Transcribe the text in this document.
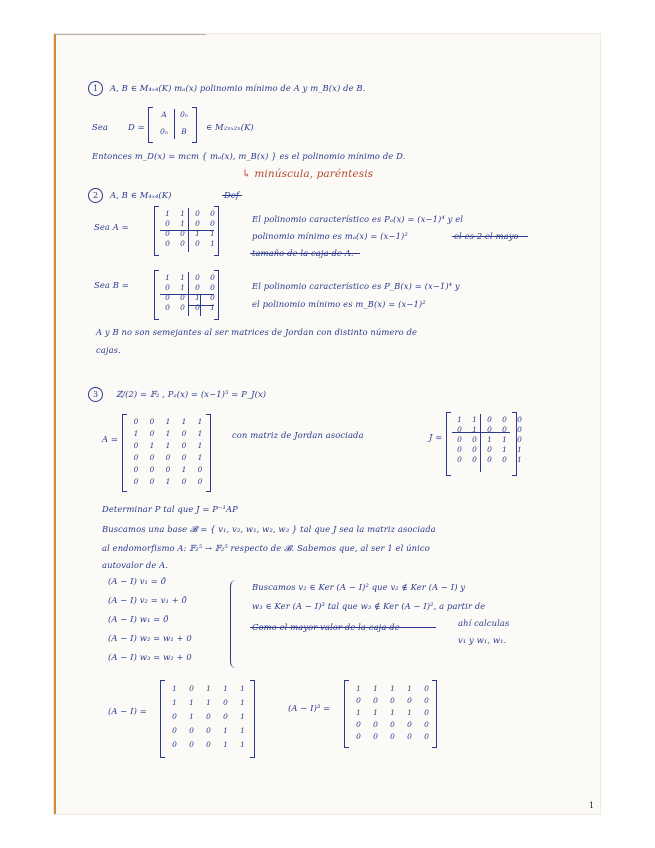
1	A, B ∈ M₄ₓ₄(K) mₐ(x) polinomio mínimo de A y m_B(x) de B.
Sea D =
A	0ₙ
0ₙ	B	∈ M₂ₙₓ₂ₙ(K)
Entonces m_D(x) = mcm { mₐ(x), m_B(x) } es el polinomio mínimo de D.
↳ minúscula, paréntesis
2	A, B ∈ M₄ₓ₄(K)	Def
Sea A =
1	1	0	0
0	1	0	0
0	0	1	1
0	0	0	1
El polinomio característico es Pₐ(x) = (x−1)⁴ y el
polinomio mínimo es mₐ(x) = (x−1)²	el es 2 el mayo
tamaño de la caja de A.
Sea B =
1	1	0	0
0	1	0	0
0	0	1	0
0	0	0	1
El polinomio característico es P_B(x) = (x−1)⁴ y
el polinomio mínimo es m_B(x) = (x−1)²
A y B no son semejantes al ser matrices de Jordan con distinto número de
cajas.
3	ℤ/(2) = 𝔽₂ , Pₐ(x) = (x−1)⁵ = P_J(x)
A =
0	0	1	1	1
1	0	1	0	1
0	1	1	0	1
0	0	0	0	1
0	0	0	1	0
0	0	1	0	0
con matriz de Jordan asociada	J =
1	1	0	0	0
0	1	0	0	0
0	0	1	1	0
0	0	0	1	1
0	0	0	0	1
Determinar P tal que J = P⁻¹AP
Buscamos una base 𝓑 = { v₁, v₂, w₁, w₂, w₃ } tal que J sea la matriz asociada
al endomorfismo A: 𝔽₂⁵ → 𝔽₂⁵ respecto de 𝓑. Sabemos que, al ser 1 el único
autovalor de A.
(A − I) v₁ = 0̄
(A − I) v₂ = v₁ + 0̄
(A − I) w₁ = 0̄
(A − I) w₂ = w₁ + 0
(A − I) w₃ = w₂ + 0
Buscamos v₂ ∈ Ker (A − I)² que v₂ ∉ Ker (A − I) y
w₃ ∈ Ker (A − I)³ tal que w₃ ∉ Ker (A − I)², a partir de
Como el mayor valor de la caja de	ahí calculas
v₁ y w₁, w₁.
(A − I) =
1	0	1	1	1
1	1	1	0	1
0	1	0	0	1
0	0	0	1	1
0	0	0	1	1
(A − I)³ =
1	1	1	1	0
0	0	0	0	0
1	1	1	1	0
0	0	0	0	0
0	0	0	0	0
1
